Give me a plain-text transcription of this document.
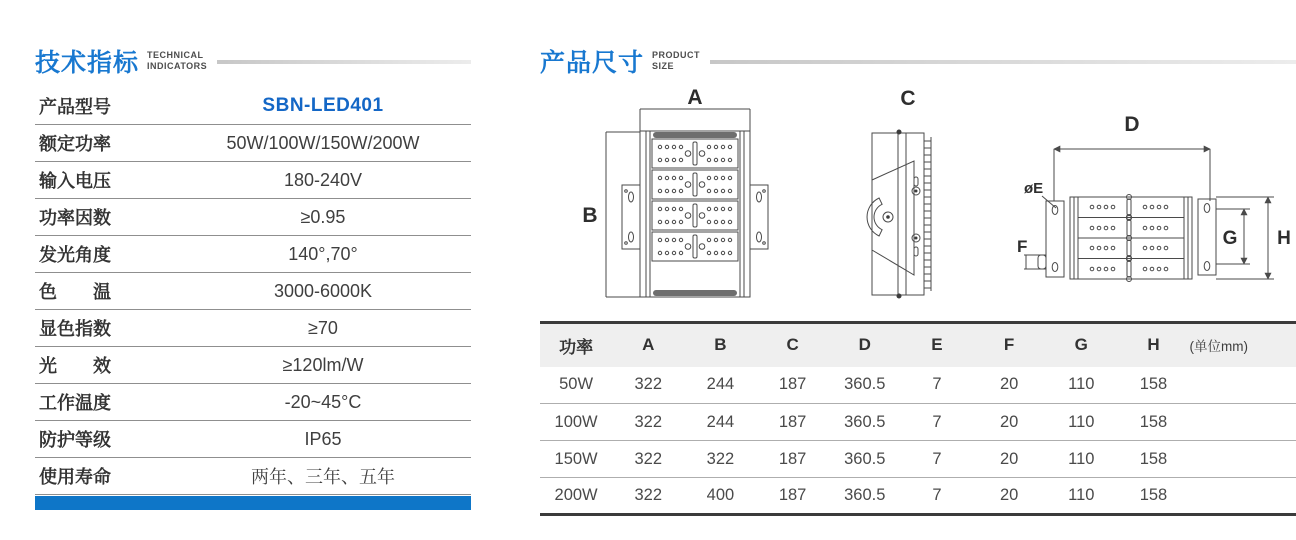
技术指标 TECHNICAL
INDICATORS
产品型号	SBN-LED401
额定功率	50W/100W/150W/200W
输入电压	180-240V
功率因数	≥0.95
发光角度	140°,70°
色　　温	3000-6000K
显色指数	≥70
光　　效	≥120lm/W
工作温度	-20~45°C
防护等级	IP65
使用寿命	两年、三年、五年
产品尺寸 PRODUCT
SIZE
A
B
C
D
øE
F	G H
功率	A	B	C	D	E	F	G	H	(单位mm)
50W	322	244	187	360.5	7	20	110	158	
100W	322	244	187	360.5	7	20	110	158	
150W	322	322	187	360.5	7	20	110	158	
200W	322	400	187	360.5	7	20	110	158	
